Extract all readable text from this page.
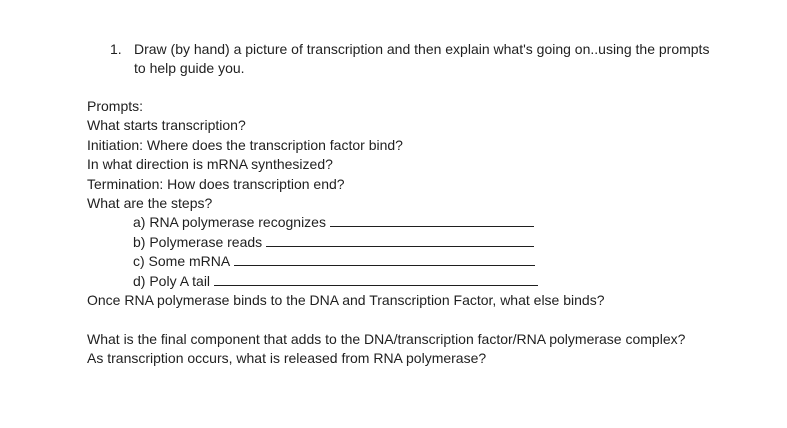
1. Draw (by hand) a picture of transcription and then explain what's going on..using the prompts to help guide you.
Prompts:
What starts transcription?
Initiation: Where does the transcription factor bind?
In what direction is mRNA synthesized?
Termination: How does transcription end?
What are the steps?
a) RNA polymerase recognizes
b) Polymerase reads
c) Some mRNA
d) Poly A tail
Once RNA polymerase binds to the DNA and Transcription Factor, what else binds?
What is the final component that adds to the DNA/transcription factor/RNA polymerase complex?
As transcription occurs, what is released from RNA polymerase?
